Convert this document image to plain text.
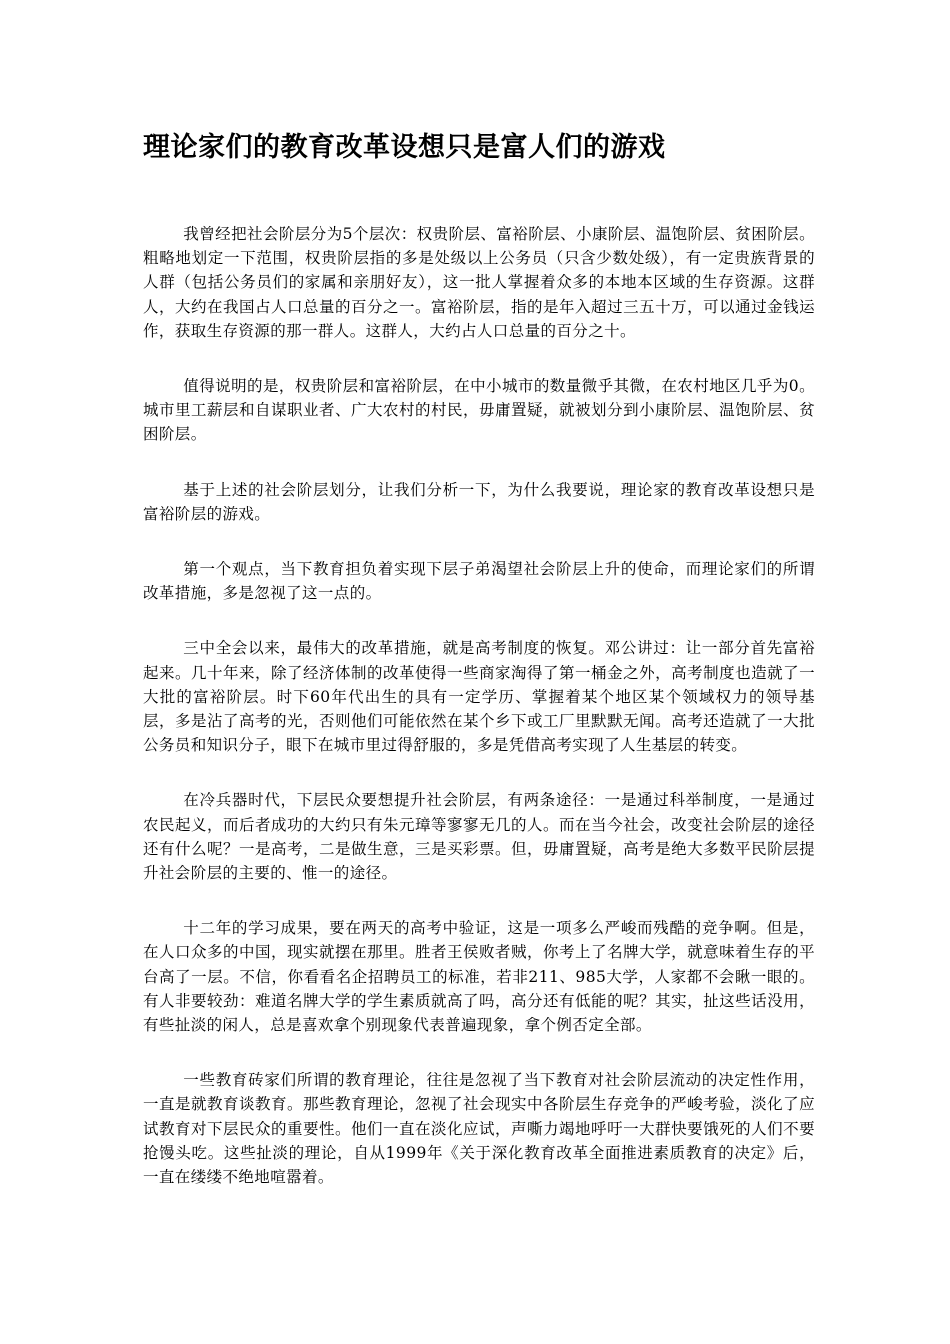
理论家们的教育改革设想只是富人们的游戏

我曾经把社会阶层分为5个层次：权贵阶层、富裕阶层、小康阶层、温饱阶层、贫困阶层。粗略地划定一下范围，权贵阶层指的多是处级以上公务员（只含少数处级），有一定贵族背景的人群（包括公务员们的家属和亲朋好友），这一批人掌握着众多的本地本区域的生存资源。这群人，大约在我国占人口总量的百分之一。富裕阶层，指的是年入超过三五十万，可以通过金钱运作，获取生存资源的那一群人。这群人，大约占人口总量的百分之十。

值得说明的是，权贵阶层和富裕阶层，在中小城市的数量微乎其微，在农村地区几乎为0。城市里工薪层和自谋职业者、广大农村的村民，毋庸置疑，就被划分到小康阶层、温饱阶层、贫困阶层。

基于上述的社会阶层划分，让我们分析一下，为什么我要说，理论家的教育改革设想只是富裕阶层的游戏。

第一个观点，当下教育担负着实现下层子弟渴望社会阶层上升的使命，而理论家们的所谓改革措施，多是忽视了这一点的。

三中全会以来，最伟大的改革措施，就是高考制度的恢复。邓公讲过：让一部分首先富裕起来。几十年来，除了经济体制的改革使得一些商家淘得了第一桶金之外，高考制度也造就了一大批的富裕阶层。时下60年代出生的具有一定学历、掌握着某个地区某个领域权力的领导基层，多是沾了高考的光，否则他们可能依然在某个乡下或工厂里默默无闻。高考还造就了一大批公务员和知识分子，眼下在城市里过得舒服的，多是凭借高考实现了人生基层的转变。

在冷兵器时代，下层民众要想提升社会阶层，有两条途径：一是通过科举制度，一是通过农民起义，而后者成功的大约只有朱元璋等寥寥无几的人。而在当今社会，改变社会阶层的途径还有什么呢？一是高考，二是做生意，三是买彩票。但，毋庸置疑，高考是绝大多数平民阶层提升社会阶层的主要的、惟一的途径。

十二年的学习成果，要在两天的高考中验证，这是一项多么严峻而残酷的竞争啊。但是，在人口众多的中国，现实就摆在那里。胜者王侯败者贼，你考上了名牌大学，就意味着生存的平台高了一层。不信，你看看名企招聘员工的标准，若非211、985大学，人家都不会瞅一眼的。有人非要较劲：难道名牌大学的学生素质就高了吗，高分还有低能的呢？其实，扯这些话没用，有些扯淡的闲人，总是喜欢拿个别现象代表普遍现象，拿个例否定全部。

一些教育砖家们所谓的教育理论，往往是忽视了当下教育对社会阶层流动的决定性作用，一直是就教育谈教育。那些教育理论，忽视了社会现实中各阶层生存竞争的严峻考验，淡化了应试教育对下层民众的重要性。他们一直在淡化应试，声嘶力竭地呼吁一大群快要饿死的人们不要抢馒头吃。这些扯淡的理论，自从1999年《关于深化教育改革全面推进素质教育的决定》后，一直在缕缕不绝地喧嚣着。
